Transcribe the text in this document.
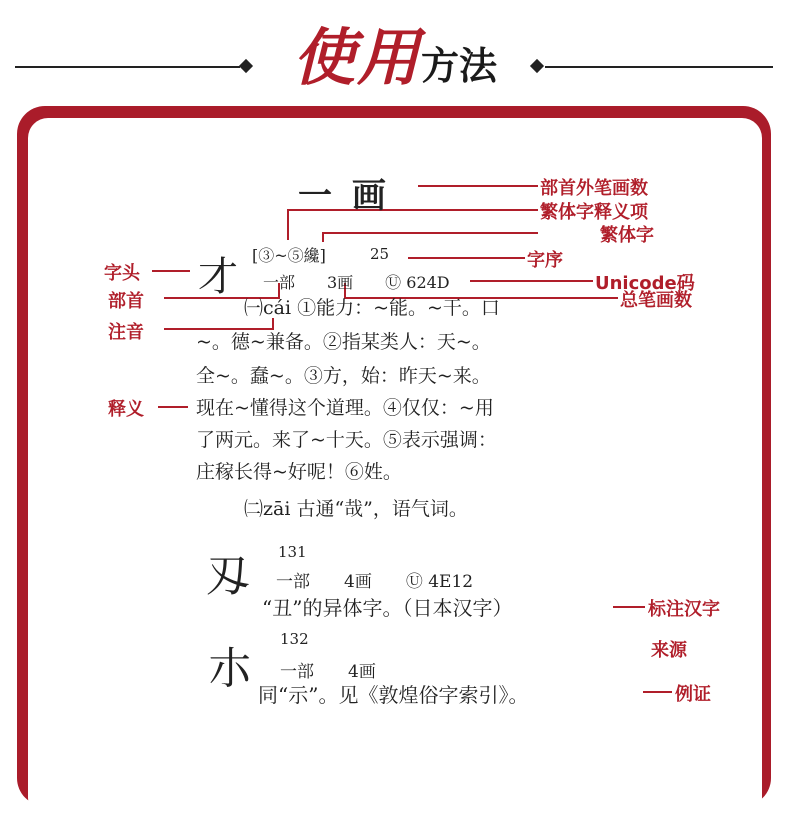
使用方法
一 画
才 [③~⑤纔]	25
一部　　3画　　Ⓤ 624D
㈠cái ①能力：~能。~干。口
~。德~兼备。②指某类人：天~。
全~。蠢~。③方，始：昨天~来。
现在~懂得这个道理。④仅仅：~用
了两元。来了~十天。⑤表示强调：
庄稼长得~好呢！⑥姓。
㈡zāi 古通“哉”，语气词。
刄 131
一部　　4画　　Ⓤ 4E12
“丑”的异体字。（日本汉字）
朩
132
一部　　4画
同“示”。见《敦煌俗字索引》。
部首外笔画数
繁体字释义项
繁体字
字序
Unicode码
总笔画数
字头
部首
注音
释义
标注汉字
来源
例证
